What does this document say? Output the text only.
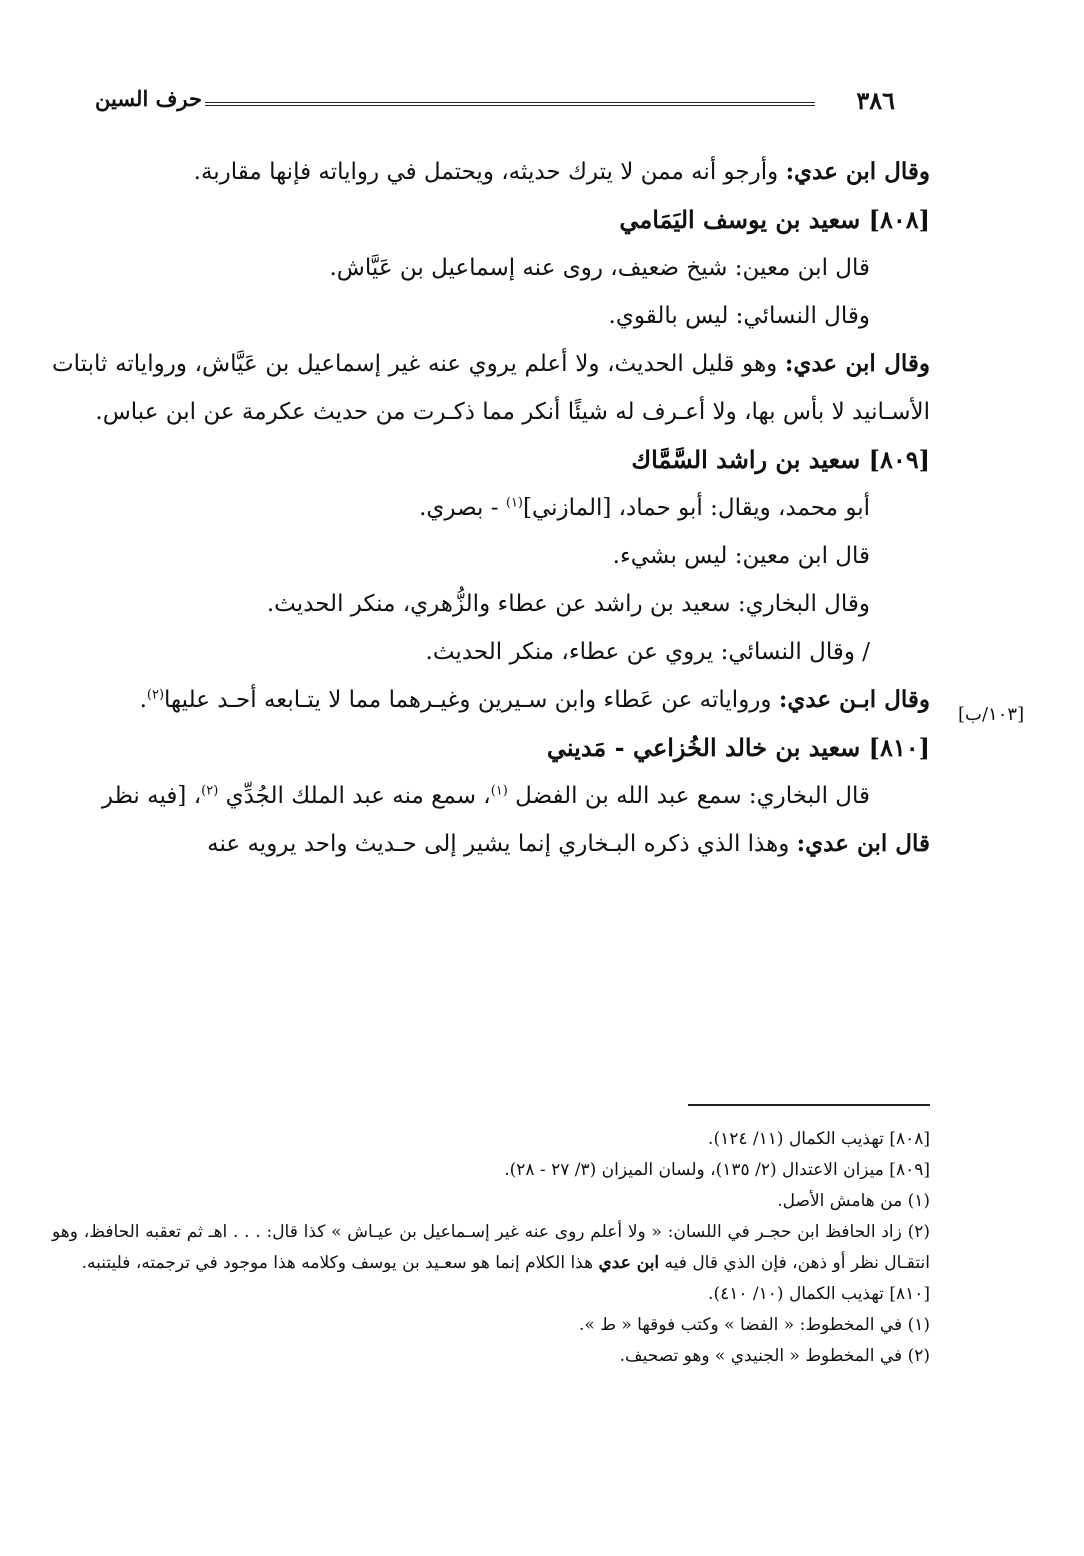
٣٨٦
حرف السين
[١٠٣/ب]

وقال ابن عدي: وأرجو أنه ممن لا يترك حديثه، ويحتمل في رواياته فإنها مقاربة.

[٨٠٨] سعيد بن يوسف اليَمَامي

قال ابن معين: شيخ ضعيف، روى عنه إسماعيل بن عَيَّاش.

وقال النسائي: ليس بالقوي.

وقال ابن عدي: وهو قليل الحديث، ولا أعلم يروي عنه غير إسماعيل بن عَيَّاش، ورواياته ثابتات الأسـانيد لا بأس بها، ولا أعـرف له شيئًا أنكر مما ذكـرت من حديث عكرمة عن ابن عباس.

[٨٠٩] سعيد بن راشد السَّمَّاك

أبو محمد، ويقال: أبو حماد، [المازني]$^{(١)}$ - بصري.

قال ابن معين: ليس بشيء.

وقال البخاري: سعيد بن راشد عن عطاء والزُّهري، منكر الحديث.

/ وقال النسائي: يروي عن عطاء، منكر الحديث.

وقال ابـن عدي: ورواياته عن عَطاء وابن سـيرين وغيـرهما مما لا يتـابعه أحـد عليها$^{(٢)}$.

[٨١٠] سعيد بن خالد الخُزاعي - مَديني

قال البخاري: سمع عبد الله بن الفضل $^{(١)}$، سمع منه عبد الملك الجُدِّي $^{(٢)}$، [فيه نظر

قال ابن عدي: وهذا الذي ذكره البـخاري إنما يشير إلى حـديث واحد يرويه عنه

[٨٠٨] تهذيب الكمال (١١/ ١٢٤).

[٨٠٩] ميزان الاعتدال (٢/ ١٣٥)، ولسان الميزان (٣/ ٢٧ - ٢٨).

(١) من هامش الأصل.

(٢) زاد الحافظ ابن حجـر في اللسان: « ولا أعلم روى عنه غير إسـماعيل بن عيـاش » كذا قال: . . . اهـ ثم تعقبه الحافظ، وهو انتقـال نظر أو ذهن، فإن الذي قال فيه ابن عدي هذا الكلام إنما هو سعـيد بن يوسف وكلامه هذا موجود في ترجمته، فليتنبه.

[٨١٠] تهذيب الكمال (١٠/ ٤١٠).

(١) في المخطوط: « الفضا » وكتب فوقها « ط ».

(٢) في المخطوط « الجنيدي » وهو تصحيف.
